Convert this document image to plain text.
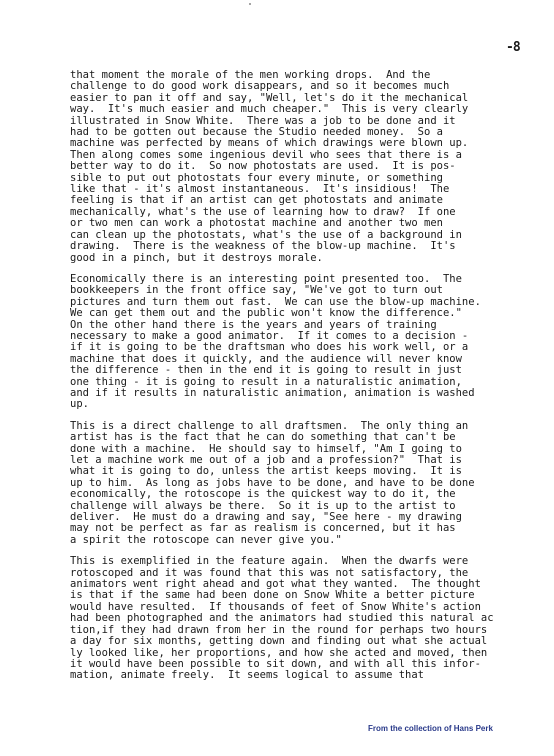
-8
that moment the morale of the men working drops.  And the
challenge to do good work disappears, and so it becomes much
easier to pan it off and say, "Well, let's do it the mechanical
way.  It's much easier and much cheaper."  This is very clearly
illustrated in Snow White.  There was a job to be done and it
had to be gotten out because the Studio needed money.  So a
machine was perfected by means of which drawings were blown up.
Then along comes some ingenious devil who sees that there is a
better way to do it.  So now photostats are used.  It is pos-
sible to put out photostats four every minute, or something
like that - it's almost instantaneous.  It's insidious!  The
feeling is that if an artist can get photostats and animate
mechanically, what's the use of learning how to draw?  If one
or two men can work a photostat machine and another two men
can clean up the photostats, what's the use of a background in
drawing.  There is the weakness of the blow-up machine.  It's
good in a pinch, but it destroys morale.
Economically there is an interesting point presented too.  The
bookkeepers in the front office say, "We've got to turn out
pictures and turn them out fast.  We can use the blow-up machine.
We can get them out and the public won't know the difference."
On the other hand there is the years and years of training
necessary to make a good animator.  If it comes to a decision -
if it is going to be the draftsman who does his work well, or a
machine that does it quickly, and the audience will never know
the difference - then in the end it is going to result in just
one thing - it is going to result in a naturalistic animation,
and if it results in naturalistic animation, animation is washed
up.
This is a direct challenge to all draftsmen.  The only thing an
artist has is the fact that he can do something that can't be
done with a machine.  He should say to himself, "Am I going to
let a machine work me out of a job and a profession?"  That is
what it is going to do, unless the artist keeps moving.  It is
up to him.  As long as jobs have to be done, and have to be done
economically, the rotoscope is the quickest way to do it, the
challenge will always be there.  So it is up to the artist to
deliver.  He must do a drawing and say, "See here - my drawing
may not be perfect as far as realism is concerned, but it has
a spirit the rotoscope can never give you."
This is exemplified in the feature again.  When the dwarfs were
rotoscoped and it was found that this was not satisfactory, the
animators went right ahead and got what they wanted.  The thought
is that if the same had been done on Snow White a better picture
would have resulted.  If thousands of feet of Snow White's action
had been photographed and the animators had studied this natural ac
tion,if they had drawn from her in the round for perhaps two hours
a day for six months, getting down and finding out what she actual
ly looked like, her proportions, and how she acted and moved, then
it would have been possible to sit down, and with all this infor-
mation, animate freely.  It seems logical to assume that
From the collection of Hans Perk
